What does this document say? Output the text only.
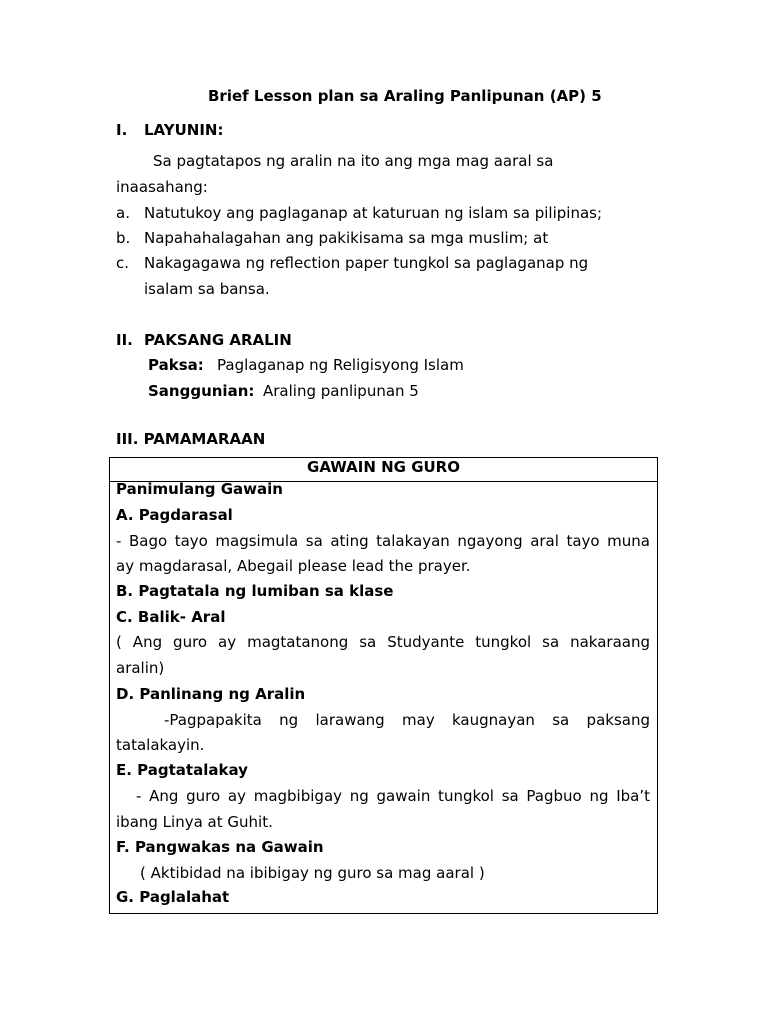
Brief Lesson plan sa Araling Panlipunan (AP) 5
I. LAYUNIN:
Sa pagtatapos ng aralin na ito ang mga mag aaral sa
inaasahang:
a. Natutukoy ang paglaganap at katuruan ng islam sa pilipinas;
b. Napahahalagahan ang pakikisama sa mga muslim; at
c. Nakagagawa ng reflection paper tungkol sa paglaganap ng
isalam sa bansa.
II. PAKSANG ARALIN
Paksa: Paglaganap ng Religisyong Islam
Sanggunian: Araling panlipunan 5
III. PAMAMARAAN
GAWAIN NG GURO
Panimulang Gawain
A. Pagdarasal
- Bago tayo magsimula sa ating talakayan ngayong aral tayo muna
ay magdarasal, Abegail please lead the prayer.
B. Pagtatala ng lumiban sa klase
C. Balik- Aral
( Ang guro ay magtatanong sa Studyante tungkol sa nakaraang
aralin)
D. Panlinang ng Aralin
-Pagpapakita ng larawang may kaugnayan sa paksang
tatalakayin.
E. Pagtatalakay
- Ang guro ay magbibigay ng gawain tungkol sa Pagbuo ng Iba’t
ibang Linya at Guhit.
F. Pangwakas na Gawain
( Aktibidad na ibibigay ng guro sa mag aaral )
G. Paglalahat
